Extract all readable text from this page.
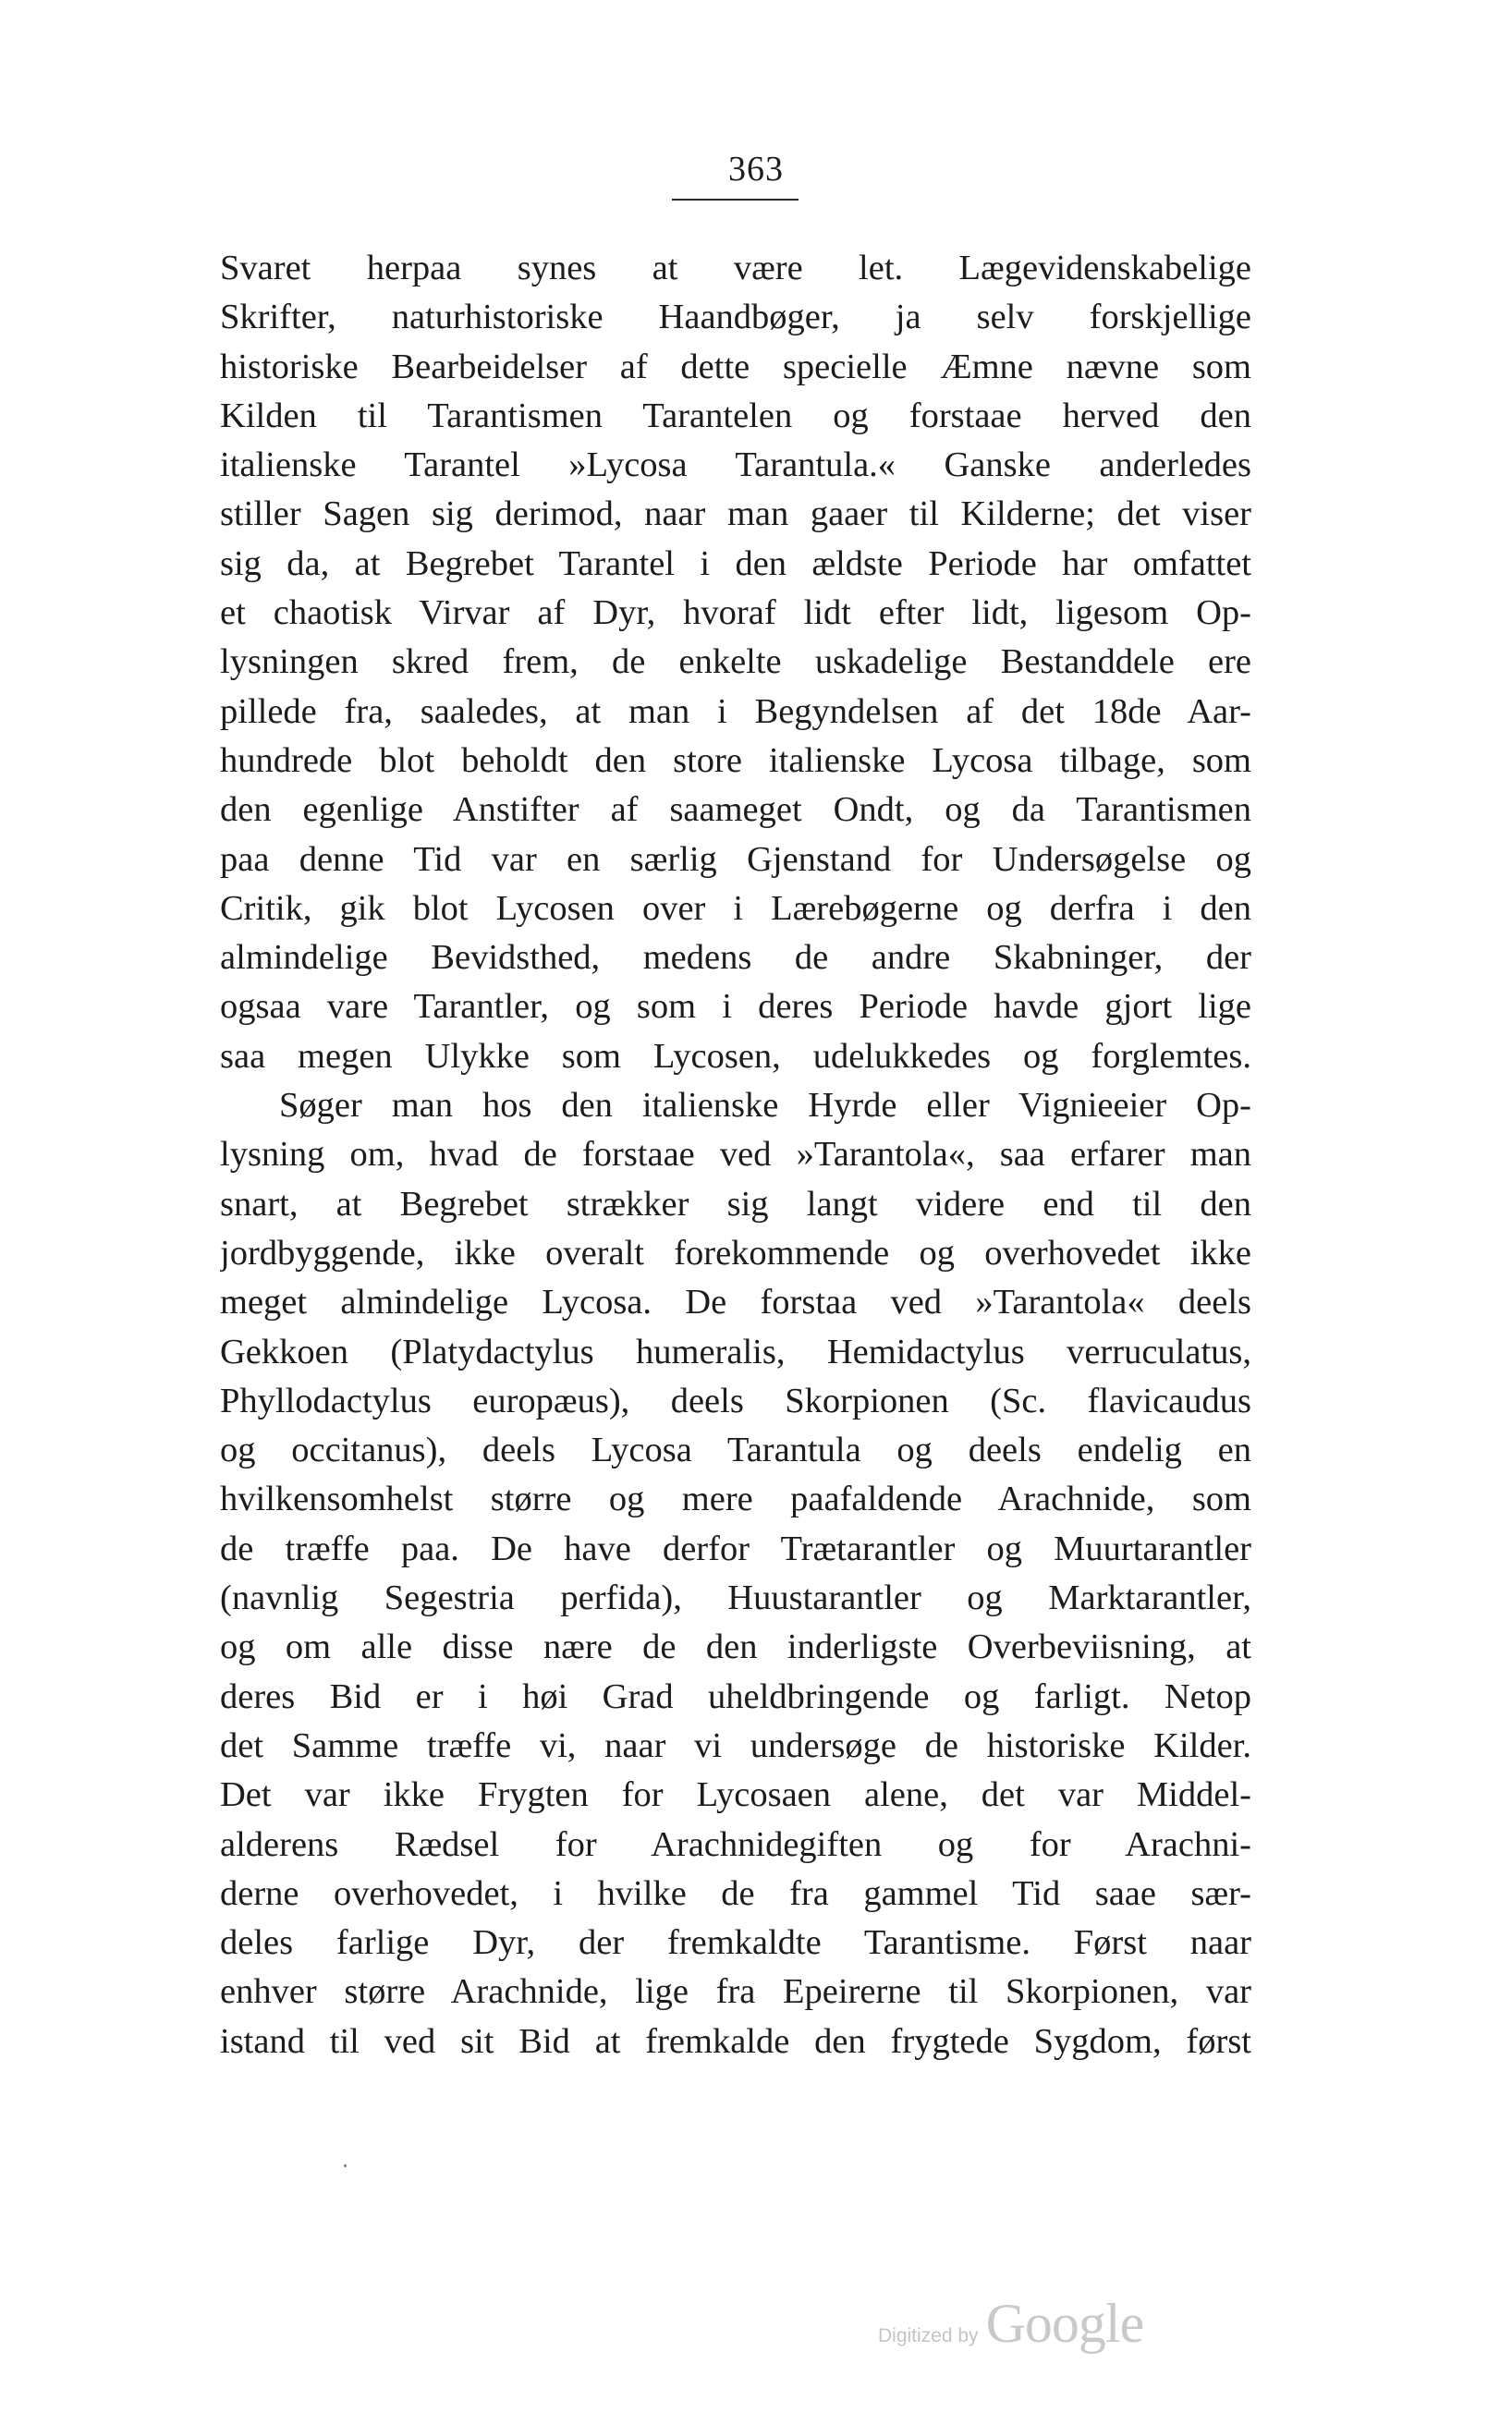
363
Svaret herpaa synes at være let. Lægevidenskabelige
Skrifter, naturhistoriske Haandbøger, ja selv forskjellige
historiske Bearbeidelser af dette specielle Æmne nævne som
Kilden til Tarantismen Tarantelen og forstaae herved den
italienske Tarantel »Lycosa Tarantula.« Ganske anderledes
stiller Sagen sig derimod, naar man gaaer til Kilderne; det viser
sig da, at Begrebet Tarantel i den ældste Periode har omfattet
et chaotisk Virvar af Dyr, hvoraf lidt efter lidt, ligesom Op-
lysningen skred frem, de enkelte uskadelige Bestanddele ere
pillede fra, saaledes, at man i Begyndelsen af det 18de Aar-
hundrede blot beholdt den store italienske Lycosa tilbage, som
den egenlige Anstifter af saameget Ondt, og da Tarantismen
paa denne Tid var en særlig Gjenstand for Undersøgelse og
Critik, gik blot Lycosen over i Lærebøgerne og derfra i den
almindelige Bevidsthed, medens de andre Skabninger, der
ogsaa vare Tarantler, og som i deres Periode havde gjort lige
saa megen Ulykke som Lycosen, udelukkedes og forglemtes.
Søger man hos den italienske Hyrde eller Vignieeier Op-
lysning om, hvad de forstaae ved »Tarantola«, saa erfarer man
snart, at Begrebet strækker sig langt videre end til den
jordbyggende, ikke overalt forekommende og overhovedet ikke
meget almindelige Lycosa. De forstaa ved »Tarantola« deels
Gekkoen (Platydactylus humeralis, Hemidactylus verruculatus,
Phyllodactylus europæus), deels Skorpionen (Sc. flavicaudus
og occitanus), deels Lycosa Tarantula og deels endelig en
hvilkensomhelst større og mere paafaldende Arachnide, som
de træffe paa. De have derfor Trætarantler og Muurtarantler
(navnlig Segestria perfida), Huustarantler og Marktarantler,
og om alle disse nære de den inderligste Overbeviisning, at
deres Bid er i høi Grad uheldbringende og farligt. Netop
det Samme træffe vi, naar vi undersøge de historiske Kilder.
Det var ikke Frygten for Lycosaen alene, det var Middel-
alderens Rædsel for Arachnidegiften og for Arachni-
derne overhovedet, i hvilke de fra gammel Tid saae sær-
deles farlige Dyr, der fremkaldte Tarantisme. Først naar
enhver større Arachnide, lige fra Epeirerne til Skorpionen, var
istand til ved sit Bid at fremkalde den frygtede Sygdom, først
Digitized by Google
